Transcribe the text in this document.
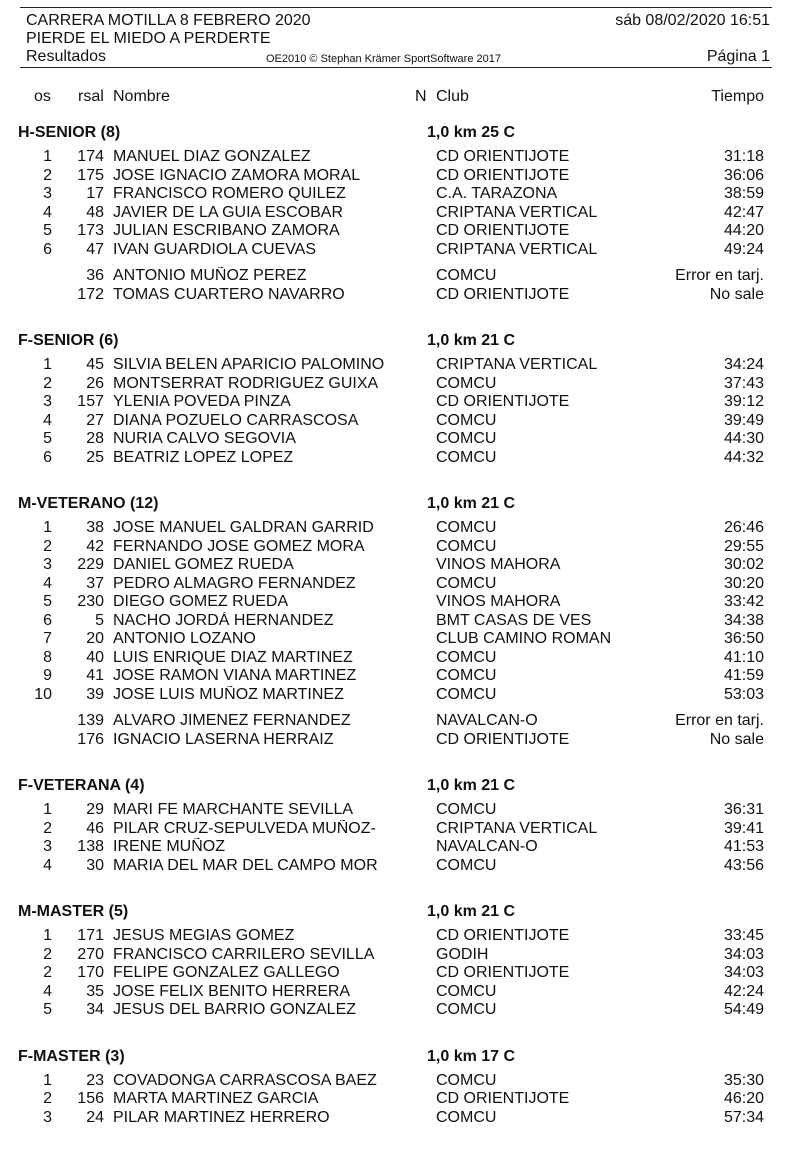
CARRERA MOTILLA 8 FEBRERO 2020	sáb 08/02/2020 16:51
PIERDE EL MIEDO A PERDERTE
Resultados	OE2010 © Stephan Krämer SportSoftware 2017	Página 1
os rsal Nombre	N Club	Tiempo
H-SENIOR (8)	1,0 km 25 C
1	174 MANUEL DIAZ GONZALEZ	CD ORIENTIJOTE	31:18
2	175 JOSE IGNACIO ZAMORA MORAL	CD ORIENTIJOTE	36:06
3	17 FRANCISCO ROMERO QUILEZ	C.A. TARAZONA	38:59
4	48 JAVIER DE LA GUIA ESCOBAR	CRIPTANA VERTICAL	42:47
5	173 JULIAN ESCRIBANO ZAMORA	CD ORIENTIJOTE	44:20
6	47 IVAN GUARDIOLA CUEVAS	CRIPTANA VERTICAL	49:24
36 ANTONIO MUÑOZ PEREZ	COMCU	Error en tarj.
172 TOMAS CUARTERO NAVARRO	CD ORIENTIJOTE	No sale
F-SENIOR (6)	1,0 km 21 C
1	45 SILVIA BELEN APARICIO PALOMINO	CRIPTANA VERTICAL	34:24
2	26 MONTSERRAT RODRIGUEZ GUIXA	COMCU	37:43
3	157 YLENIA POVEDA PINZA	CD ORIENTIJOTE	39:12
4	27 DIANA POZUELO CARRASCOSA	COMCU	39:49
5	28 NURIA CALVO SEGOVIA	COMCU	44:30
6	25 BEATRIZ LOPEZ LOPEZ	COMCU	44:32
M-VETERANO (12)	1,0 km 21 C
1	38 JOSE MANUEL GALDRAN GARRID	COMCU	26:46
2	42 FERNANDO JOSE GOMEZ MORA	COMCU	29:55
3	229 DANIEL GOMEZ RUEDA	VINOS MAHORA	30:02
4	37 PEDRO ALMAGRO FERNANDEZ	COMCU	30:20
5	230 DIEGO GOMEZ RUEDA	VINOS MAHORA	33:42
6	5 NACHO JORDÁ HERNANDEZ	BMT CASAS DE VES	34:38
7	20 ANTONIO LOZANO	CLUB CAMINO ROMAN	36:50
8	40 LUIS ENRIQUE DIAZ MARTINEZ	COMCU	41:10
9	41 JOSE RAMON VIANA MARTINEZ	COMCU	41:59
10	39 JOSE LUIS MUÑOZ MARTINEZ	COMCU	53:03
139 ALVARO JIMENEZ FERNANDEZ	NAVALCAN-O	Error en tarj.
176 IGNACIO LASERNA HERRAIZ	CD ORIENTIJOTE	No sale
F-VETERANA (4)	1,0 km 21 C
1	29 MARI FE MARCHANTE SEVILLA	COMCU	36:31
2	46 PILAR CRUZ-SEPULVEDA MUÑOZ-	CRIPTANA VERTICAL	39:41
3	138 IRENE MUÑOZ	NAVALCAN-O	41:53
4	30 MARIA DEL MAR DEL CAMPO MOR	COMCU	43:56
M-MASTER (5)	1,0 km 21 C
1	171 JESUS MEGIAS GOMEZ	CD ORIENTIJOTE	33:45
2	270 FRANCISCO CARRILERO SEVILLA	GODIH	34:03
2	170 FELIPE GONZALEZ GALLEGO	CD ORIENTIJOTE	34:03
4	35 JOSE FELIX BENITO HERRERA	COMCU	42:24
5	34 JESUS DEL BARRIO GONZALEZ	COMCU	54:49
F-MASTER (3)	1,0 km 17 C
1	23 COVADONGA CARRASCOSA BAEZ	COMCU	35:30
2	156 MARTA MARTINEZ GARCIA	CD ORIENTIJOTE	46:20
3	24 PILAR MARTINEZ HERRERO	COMCU	57:34
